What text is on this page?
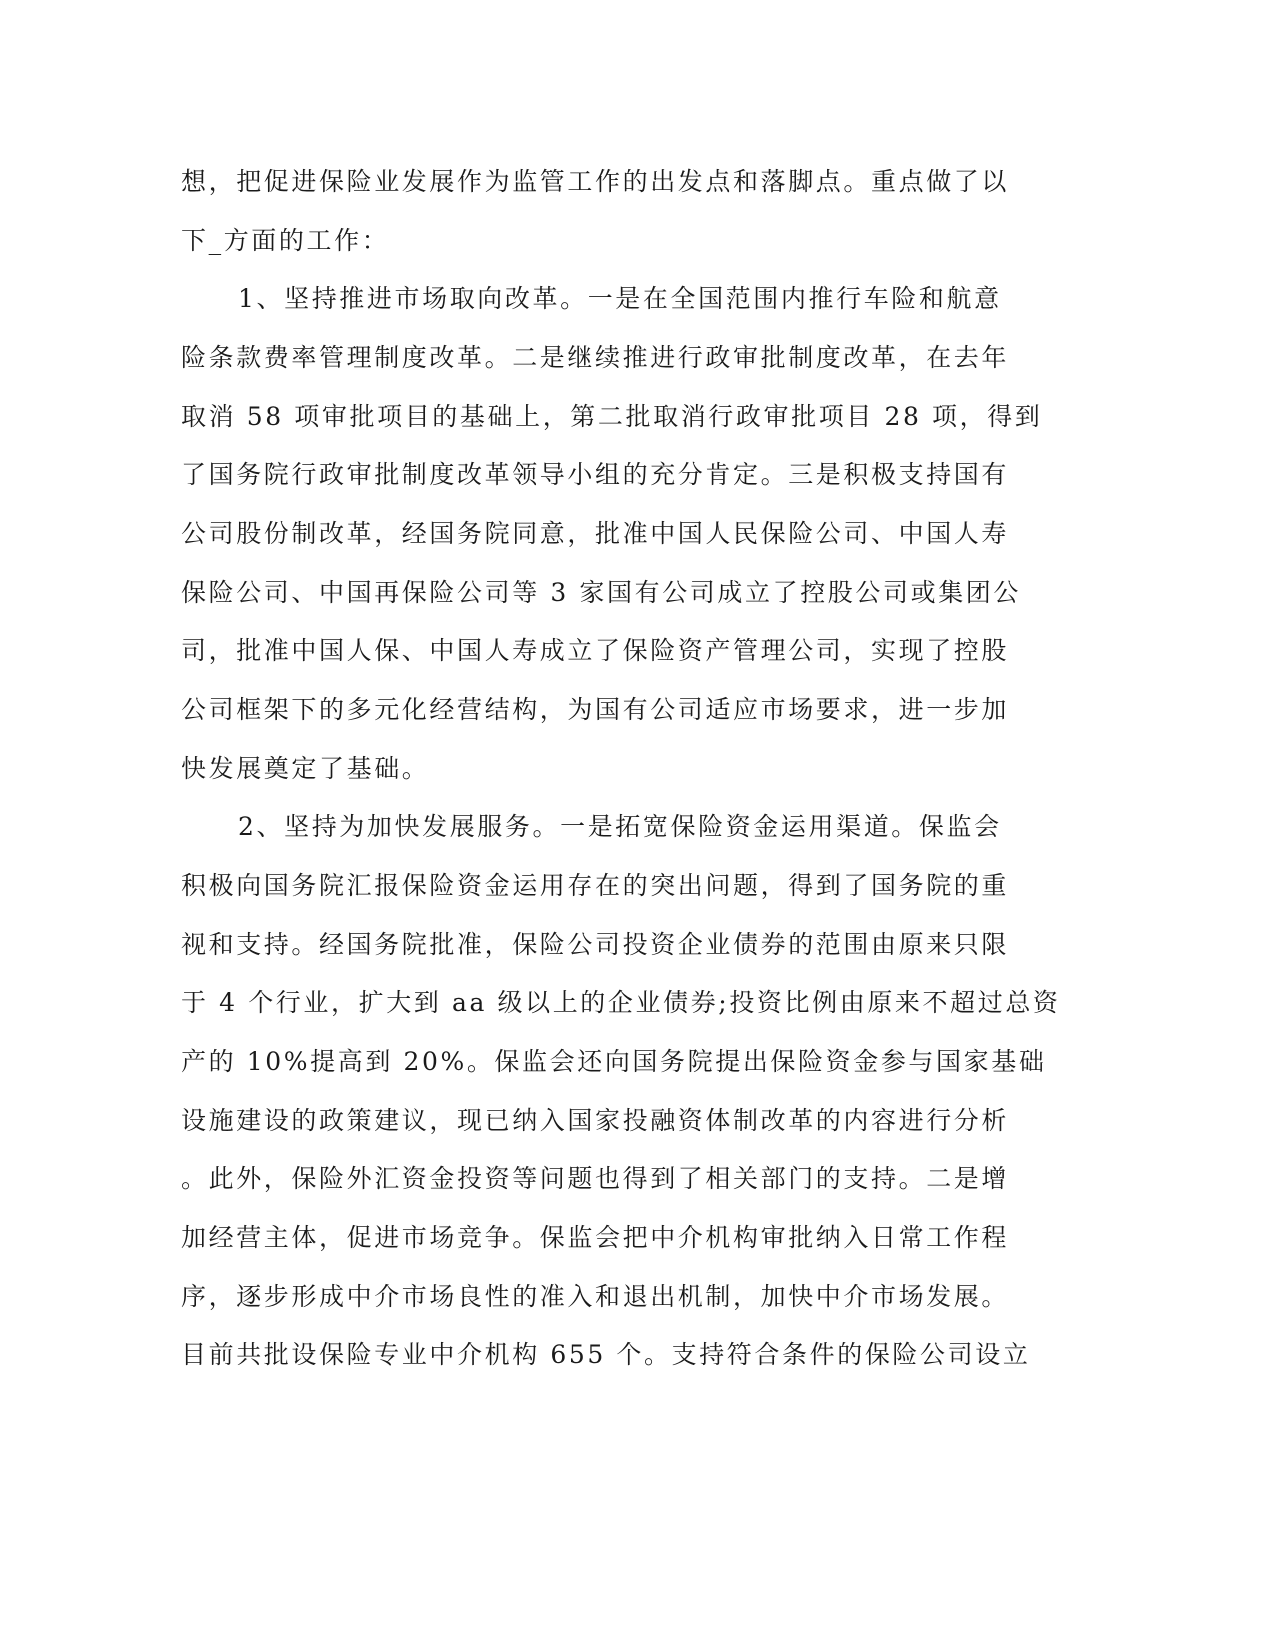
想，把促进保险业发展作为监管工作的出发点和落脚点。重点做了以
下_方面的工作：
1、坚持推进市场取向改革。一是在全国范围内推行车险和航意
险条款费率管理制度改革。二是继续推进行政审批制度改革，在去年
取消 58 项审批项目的基础上，第二批取消行政审批项目 28 项，得到
了国务院行政审批制度改革领导小组的充分肯定。三是积极支持国有
公司股份制改革，经国务院同意，批准中国人民保险公司、中国人寿
保险公司、中国再保险公司等 3 家国有公司成立了控股公司或集团公
司，批准中国人保、中国人寿成立了保险资产管理公司，实现了控股
公司框架下的多元化经营结构，为国有公司适应市场要求，进一步加
快发展奠定了基础。
2、坚持为加快发展服务。一是拓宽保险资金运用渠道。保监会
积极向国务院汇报保险资金运用存在的突出问题，得到了国务院的重
视和支持。经国务院批准，保险公司投资企业债券的范围由原来只限
于 4 个行业，扩大到 aa 级以上的企业债券;投资比例由原来不超过总资
产的 10%提高到 20%。保监会还向国务院提出保险资金参与国家基础
设施建设的政策建议，现已纳入国家投融资体制改革的内容进行分析
。此外，保险外汇资金投资等问题也得到了相关部门的支持。二是增
加经营主体，促进市场竞争。保监会把中介机构审批纳入日常工作程
序，逐步形成中介市场良性的准入和退出机制，加快中介市场发展。
目前共批设保险专业中介机构 655 个。支持符合条件的保险公司设立
